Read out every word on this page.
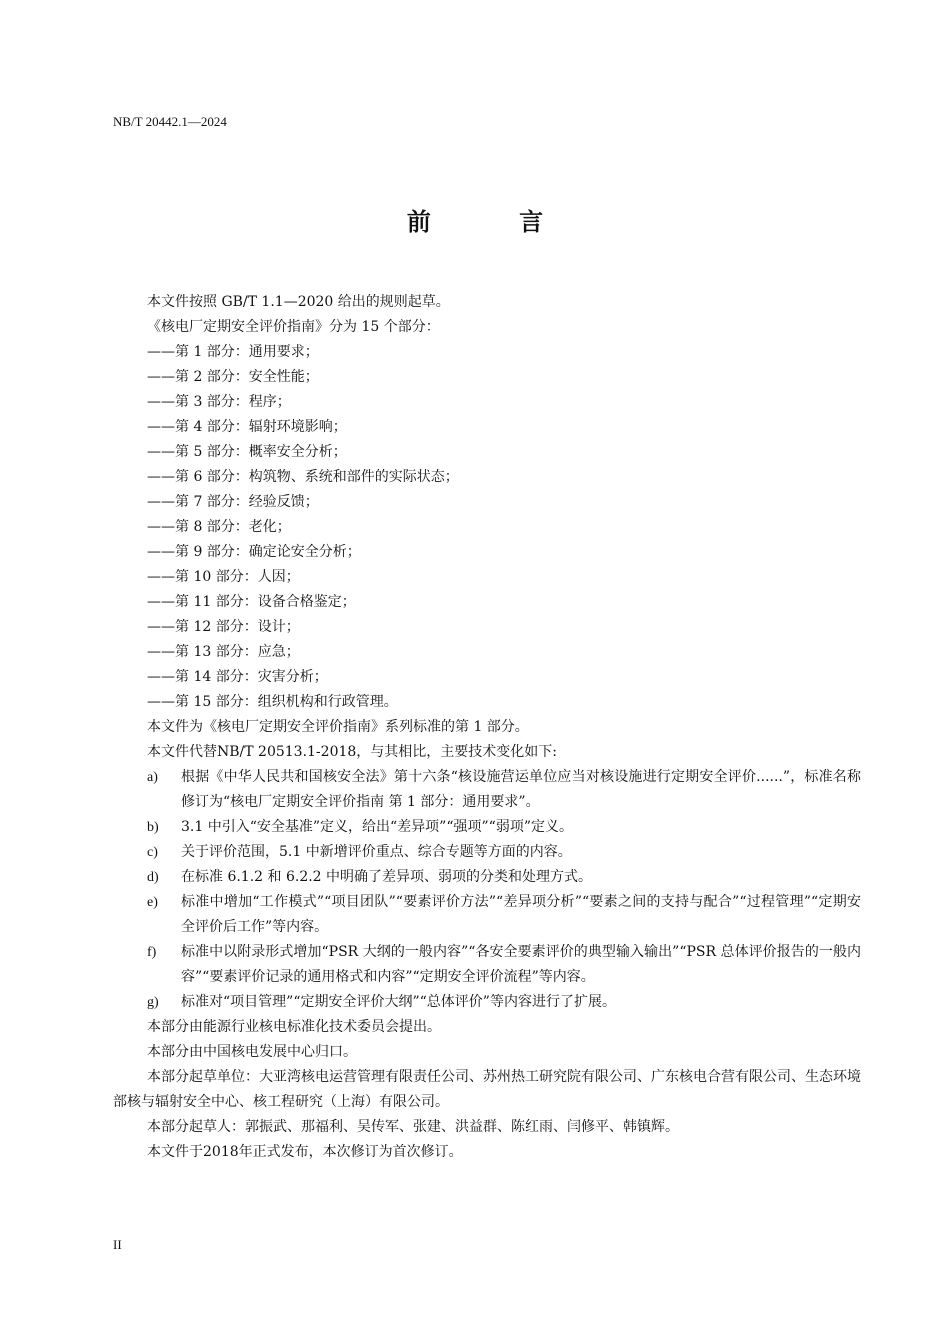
NB/T 20442.1—2024
前 言
本文件按照 GB/T 1.1—2020 给出的规则起草。
《核电厂定期安全评价指南》分为 15 个部分：
——第 1 部分：通用要求；
——第 2 部分：安全性能；
——第 3 部分：程序；
——第 4 部分：辐射环境影响；
——第 5 部分：概率安全分析；
——第 6 部分：构筑物、系统和部件的实际状态；
——第 7 部分：经验反馈；
——第 8 部分：老化；
——第 9 部分：确定论安全分析；
——第 10 部分：人因；
——第 11 部分：设备合格鉴定；
——第 12 部分：设计；
——第 13 部分：应急；
——第 14 部分：灾害分析；
——第 15 部分：组织机构和行政管理。
本文件为《核电厂定期安全评价指南》系列标准的第 1 部分。
本文件代替NB/T 20513.1-2018，与其相比，主要技术变化如下:
a)	根据《中华人民共和国核安全法》第十六条“核设施营运单位应当对核设施进行定期安全评价......”，标准名称修订为“核电厂定期安全评价指南 第 1 部分：通用要求”。
b)	3.1 中引入“安全基准”定义，给出“差异项”“强项”“弱项”定义。
c)	关于评价范围，5.1 中新增评价重点、综合专题等方面的内容。
d)	在标准 6.1.2 和 6.2.2 中明确了差异项、弱项的分类和处理方式。
e)	标准中增加“工作模式”“项目团队”“要素评价方法”“差异项分析”“要素之间的支持与配合”“过程管理”“定期安全评价后工作”等内容。
f)	标准中以附录形式增加“PSR 大纲的一般内容”“各安全要素评价的典型输入输出”“PSR 总体评价报告的一般内容”“要素评价记录的通用格式和内容”“定期安全评价流程”等内容。
g)	标准对“项目管理”“定期安全评价大纲”“总体评价”等内容进行了扩展。
本部分由能源行业核电标准化技术委员会提出。
本部分由中国核电发展中心归口。
本部分起草单位：大亚湾核电运营管理有限责任公司、苏州热工研究院有限公司、广东核电合营有限公司、生态环境部核与辐射安全中心、核工程研究（上海）有限公司。
本部分起草人：郭振武、那福利、吴传军、张建、洪益群、陈红雨、闫修平、韩镇辉。
本文件于2018年正式发布，本次修订为首次修订。
II
